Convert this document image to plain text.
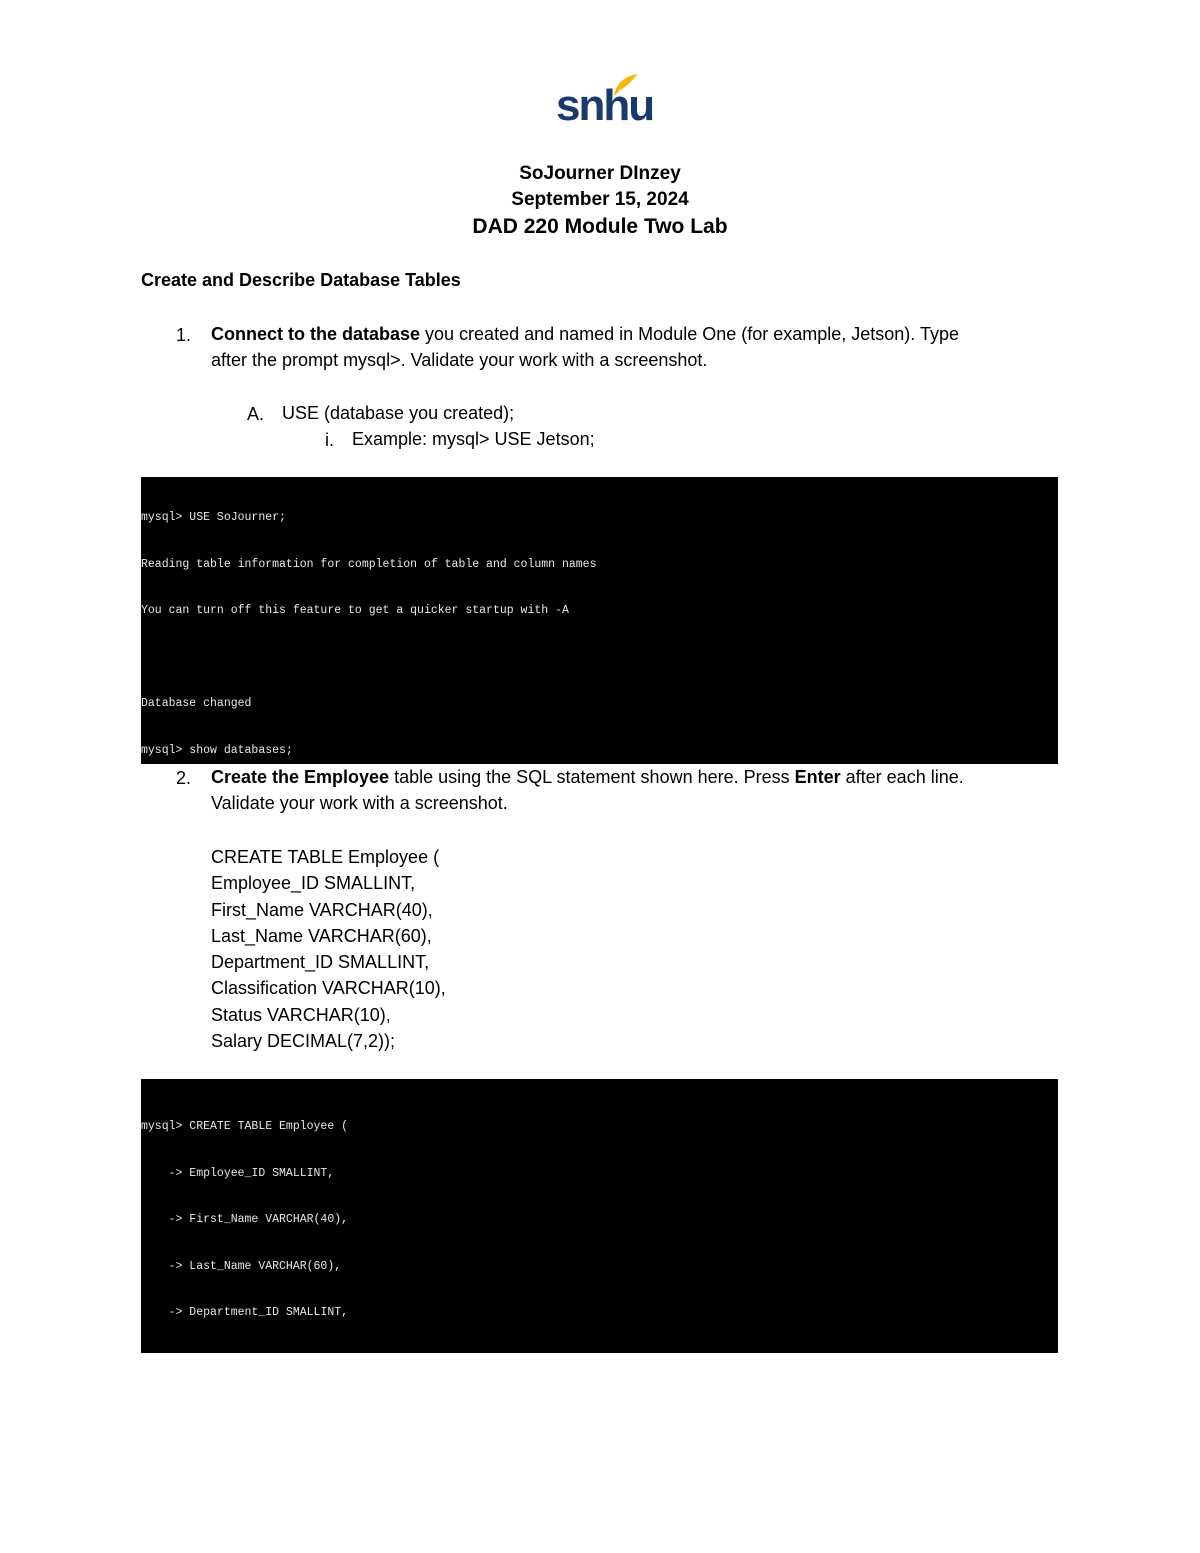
snhu
SoJourner DInzey
September 15, 2024
DAD 220 Module Two Lab
Create and Describe Database Tables
1. Connect to the database you created and named in Module One (for example, Jetson). Type
after the prompt mysql>. Validate your work with a screenshot.
A. USE (database you created);
i. Example: mysql> USE Jetson;

mysql> USE SoJourner;

Reading table information for completion of table and column names

You can turn off this feature to get a quicker startup with -A

Database changed

mysql> show databases;

2. Create the Employee table using the SQL statement shown here. Press Enter after each line.
Validate your work with a screenshot.
CREATE TABLE Employee (
Employee_ID SMALLINT,
First_Name VARCHAR(40),
Last_Name VARCHAR(60),
Department_ID SMALLINT,
Classification VARCHAR(10),
Status VARCHAR(10),
Salary DECIMAL(7,2));

mysql> CREATE TABLE Employee (

-> Employee_ID SMALLINT,

-> First_Name VARCHAR(40),

-> Last_Name VARCHAR(60),

-> Department_ID SMALLINT,
